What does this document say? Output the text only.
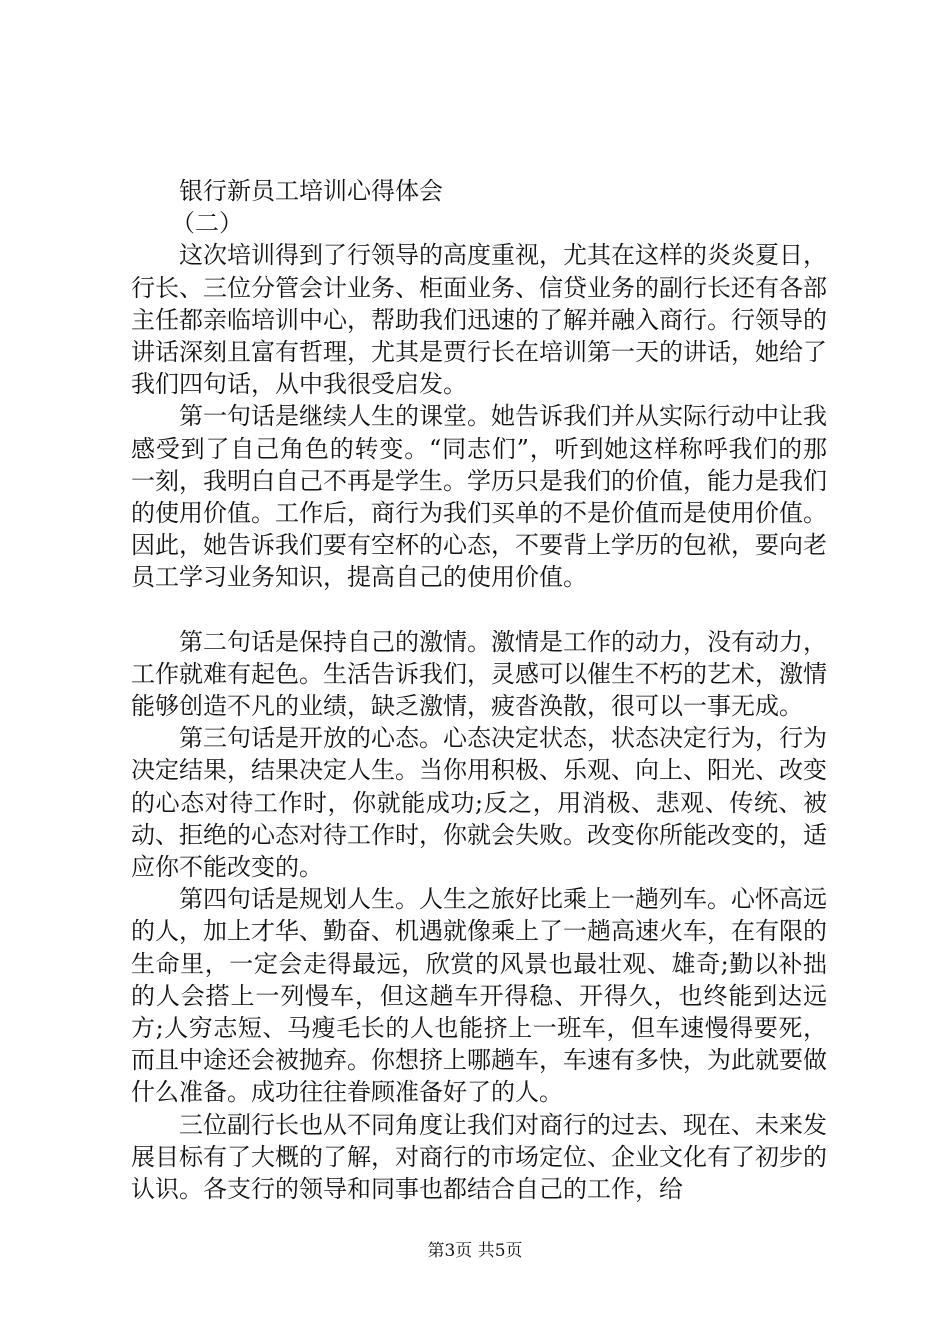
银行新员工培训心得体会

（二）

这次培训得到了行领导的高度重视，尤其在这样的炎炎夏日，行长、三位分管会计业务、柜面业务、信贷业务的副行长还有各部主任都亲临培训中心，帮助我们迅速的了解并融入商行。行领导的讲话深刻且富有哲理，尤其是贾行长在培训第一天的讲话，她给了我们四句话，从中我很受启发。

第一句话是继续人生的课堂。她告诉我们并从实际行动中让我感受到了自己角色的转变。“同志们”，听到她这样称呼我们的那一刻，我明白自己不再是学生。学历只是我们的价值，能力是我们的使用价值。工作后，商行为我们买单的不是价值而是使用价值。因此，她告诉我们要有空杯的心态，不要背上学历的包袱，要向老员工学习业务知识，提高自己的使用价值。

第二句话是保持自己的激情。激情是工作的动力，没有动力，工作就难有起色。生活告诉我们，灵感可以催生不朽的艺术，激情能够创造不凡的业绩，缺乏激情，疲沓涣散，很可以一事无成。

第三句话是开放的心态。心态决定状态，状态决定行为，行为决定结果，结果决定人生。当你用积极、乐观、向上、阳光、改变的心态对待工作时，你就能成功;反之，用消极、悲观、传统、被动、拒绝的心态对待工作时，你就会失败。改变你所能改变的，适应你不能改变的。

第四句话是规划人生。人生之旅好比乘上一趟列车。心怀高远的人，加上才华、勤奋、机遇就像乘上了一趟高速火车，在有限的生命里，一定会走得最远，欣赏的风景也最壮观、雄奇;勤以补拙的人会搭上一列慢车，但这趟车开得稳、开得久，也终能到达远方;人穷志短、马瘦毛长的人也能挤上一班车，但车速慢得要死，而且中途还会被抛弃。你想挤上哪趟车，车速有多快，为此就要做什么准备。成功往往眷顾准备好了的人。

三位副行长也从不同角度让我们对商行的过去、现在、未来发展目标有了大概的了解，对商行的市场定位、企业文化有了初步的认识。各支行的领导和同事也都结合自己的工作，给

第3页 共5页
